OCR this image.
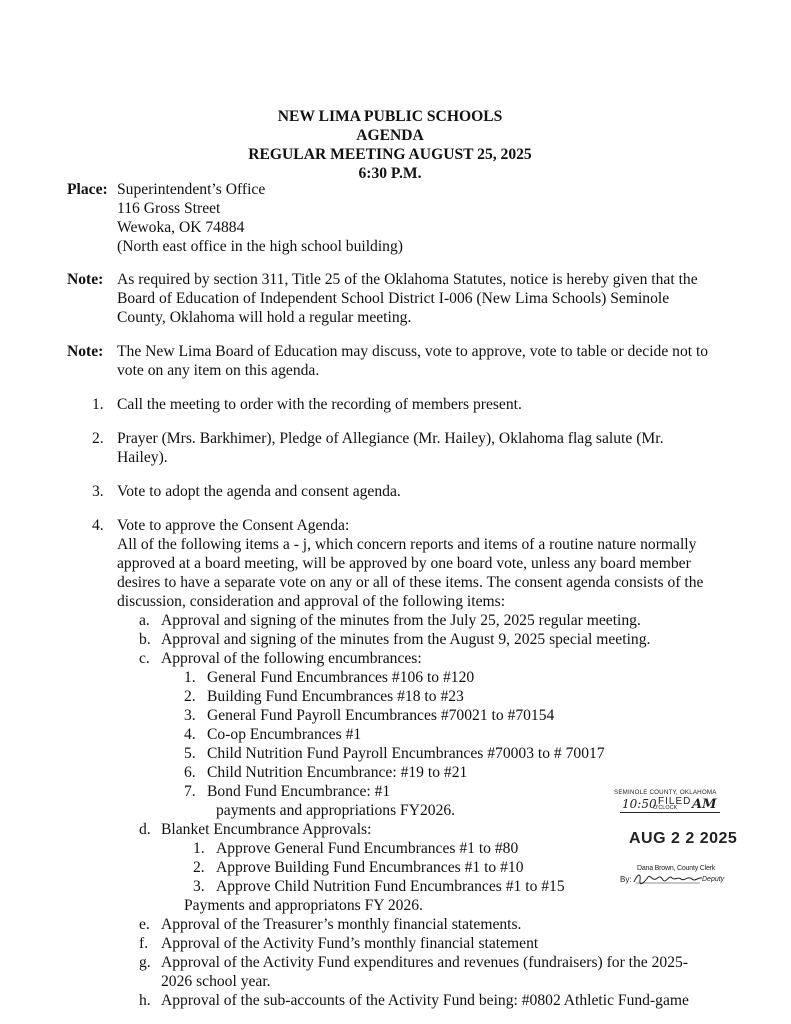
NEW LIMA PUBLIC SCHOOLS
AGENDA
REGULAR MEETING AUGUST 25, 2025
6:30 P.M.
Place: Superintendent’s Office
116 Gross Street
Wewoka, OK 74884
(North east office in the high school building)
Note: As required by section 311, Title 25 of the Oklahoma Statutes, notice is hereby given that the
Board of Education of Independent School District I-006 (New Lima Schools) Seminole
County, Oklahoma will hold a regular meeting.
Note: The New Lima Board of Education may discuss, vote to approve, vote to table or decide not to
vote on any item on this agenda.
1. Call the meeting to order with the recording of members present.
2. Prayer (Mrs. Barkhimer), Pledge of Allegiance (Mr. Hailey), Oklahoma flag salute (Mr.
Hailey).
3. Vote to adopt the agenda and consent agenda.
4. Vote to approve the Consent Agenda:
All of the following items a - j, which concern reports and items of a routine nature normally
approved at a board meeting, will be approved by one board vote, unless any board member
desires to have a separate vote on any or all of these items. The consent agenda consists of the
discussion, consideration and approval of the following items:
a. Approval and signing of the minutes from the July 25, 2025 regular meeting.
b. Approval and signing of the minutes from the August 9, 2025 special meeting.
c. Approval of the following encumbrances:
1. General Fund Encumbrances #106 to #120
2. Building Fund Encumbrances #18 to #23
3. General Fund Payroll Encumbrances #70021 to #70154
4. Co-op Encumbrances #1
5. Child Nutrition Fund Payroll Encumbrances #70003 to # 70017
6. Child Nutrition Encumbrance: #19 to #21
7. Bond Fund Encumbrance: #1
payments and appropriations FY2026.
d. Blanket Encumbrance Approvals:
1. Approve General Fund Encumbrances #1 to #80
2. Approve Building Fund Encumbrances #1 to #10
3. Approve Child Nutrition Fund Encumbrances #1 to #15
Payments and appropriatons FY 2026.
e. Approval of the Treasurer’s monthly financial statements.
f. Approval of the Activity Fund’s monthly financial statement
g. Approval of the Activity Fund expenditures and revenues (fundraisers) for the 2025-
2026 school year.
h. Approval of the sub-accounts of the Activity Fund being: #0802 Athletic Fund-game
SEMINOLE COUNTY, OKLAHOMA
10:50 FILED
O'CLOCK AM
AUG 2 2 2025
Dana Brown, County Clerk
By:	Deputy
